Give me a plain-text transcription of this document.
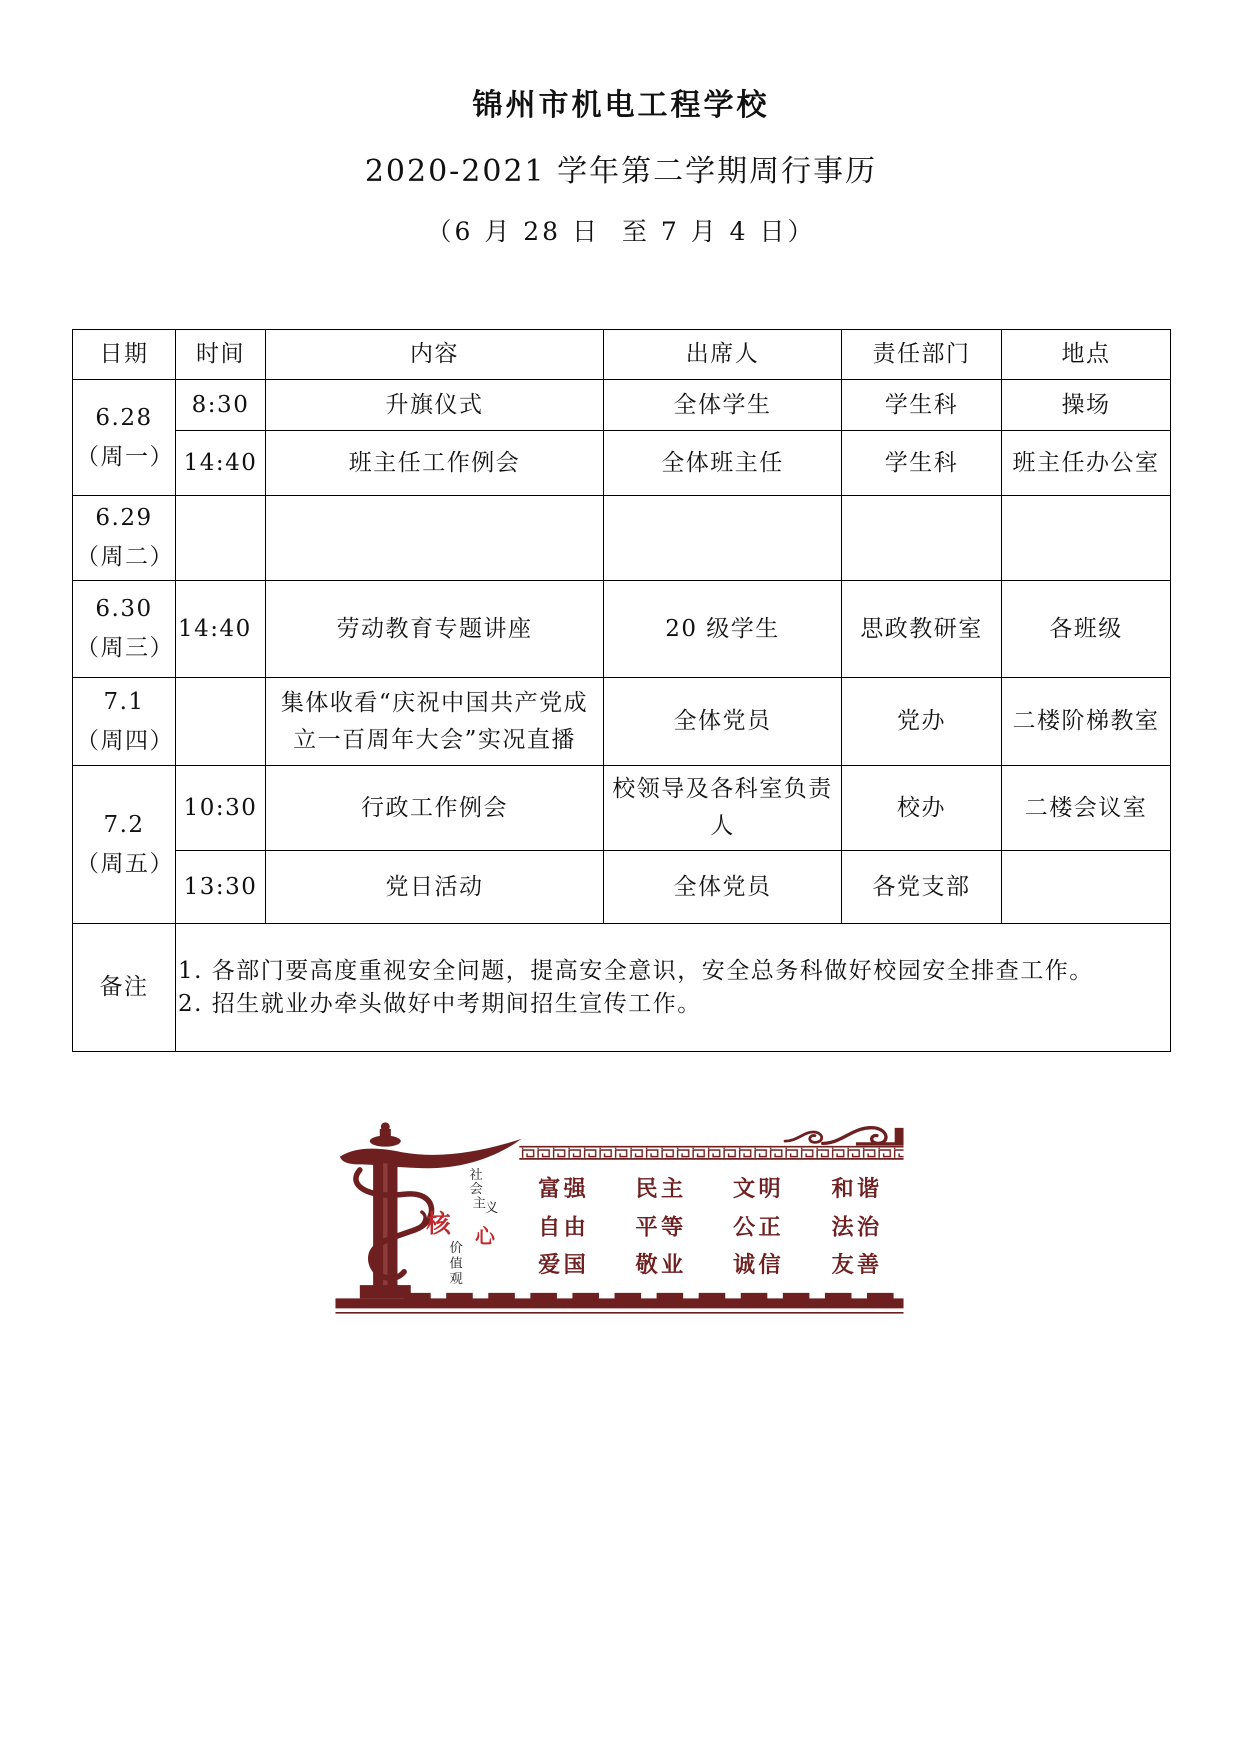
锦州市机电工程学校
2020-2021 学年第二学期周行事历
（6 月 28 日  至 7 月 4 日）
日期	时间	内容	出席人	责任部门	地点

6.28
（周一）	8:30	升旗仪式	全体学生	学生科	操场
	14:40	班主任工作例会	全体班主任	学生科	班主任办公室

6.29
（周二）					

6.30
（周三）	14:40	劳动教育专题讲座	20 级学生	思政教研室	各班级

7.1
（周四）		集体收看“庆祝中国共产党成立一百周年大会”实况直播	全体党员	党办	二楼阶梯教室

7.2
（周五）	10:30	行政工作例会	校领导及各科室负责人	校办	二楼会议室
	13:30	党日活动	全体党员	各党支部	
备注	1. 各部门要高度重视安全问题，提高安全意识，安全总务科做好校园安全排查工作。
2. 招生就业办牵头做好中考期间招生宣传工作。				
社
会
主
义
核 心
价
值
观
富强 民主 文明 和谐
自由 平等 公正 法治
爱国 敬业 诚信 友善
